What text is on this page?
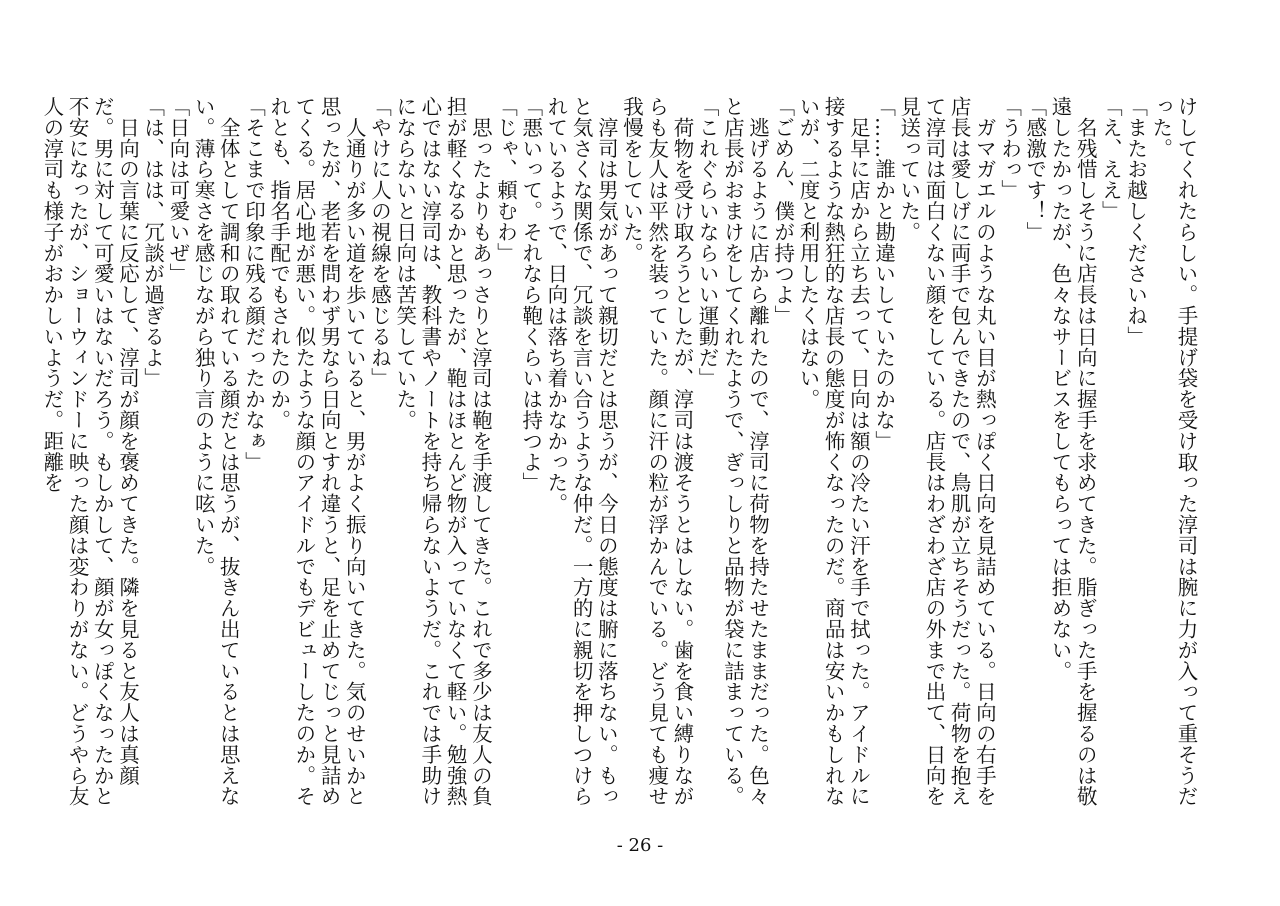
けしてくれたらしい。手提げ袋を受け取った淳司は腕に力が入って重そうだった。

「またお越しくださいね」

「え、ええ」

　名残惜しそうに店長は日向に握手を求めてきた。脂ぎった手を握るのは敬遠したかったが、色々なサービスをしてもらっては拒めない。

「感激です！」

「うわっ」

　ガマガエルのような丸い目が熱っぽく日向を見詰めている。日向の右手を店長は愛しげに両手で包んできたので、鳥肌が立ちそうだった。荷物を抱えて淳司は面白くない顔をしている。店長はわざわざ店の外まで出て、日向を見送っていた。

「……誰かと勘違いしていたのかな」

　足早に店から立ち去って、日向は額の冷たい汗を手で拭った。アイドルに接するような熱狂的な店長の態度が怖くなったのだ。商品は安いかもしれないが、二度と利用したくはない。

「ごめん、僕が持つよ」

　逃げるように店から離れたので、淳司に荷物を持たせたままだった。色々と店長がおまけをしてくれたようで、ぎっしりと品物が袋に詰まっている。

「これぐらいならいい運動だ」

　荷物を受け取ろうとしたが、淳司は渡そうとはしない。歯を食い縛りながらも友人は平然を装っていた。顔に汗の粒が浮かんでいる。どう見ても痩せ我慢をしていた。

　淳司は男気があって親切だとは思うが、今日の態度は腑に落ちない。もっと気さくな関係で、冗談を言い合うような仲だ。一方的に親切を押しつけられているようで、日向は落ち着かなかった。

「悪いって。それなら鞄くらいは持つよ」

「じゃ、頼むわ」

　思ったよりもあっさりと淳司は鞄を手渡してきた。これで多少は友人の負担が軽くなるかと思ったが、鞄はほとんど物が入っていなくて軽い。勉強熱心ではない淳司は、教科書やノートを持ち帰らないようだ。これでは手助けにならないと日向は苦笑していた。

「やけに人の視線を感じるね」

　人通りが多い道を歩いていると、男がよく振り向いてきた。気のせいかと思ったが、老若を問わず男なら日向とすれ違うと、足を止めてじっと見詰めてくる。居心地が悪い。似たような顔のアイドルでもデビューしたのか。それとも、指名手配でもされたのか。

「そこまで印象に残る顔だったかなぁ」

　全体として調和の取れている顔だとは思うが、抜きん出ているとは思えない。薄ら寒さを感じながら独り言のように呟いた。

「日向は可愛いぜ」

「は、はは、冗談が過ぎるよ」

　日向の言葉に反応して、淳司が顔を褒めてきた。隣を見ると友人は真顔だ。男に対して可愛いはないだろう。もしかして、顔が女っぽくなったかと不安になったが、ショーウィンドーに映った顔は変わりがない。どうやら友人の淳司も様子がおかしいようだ。距離を

- 26 -
